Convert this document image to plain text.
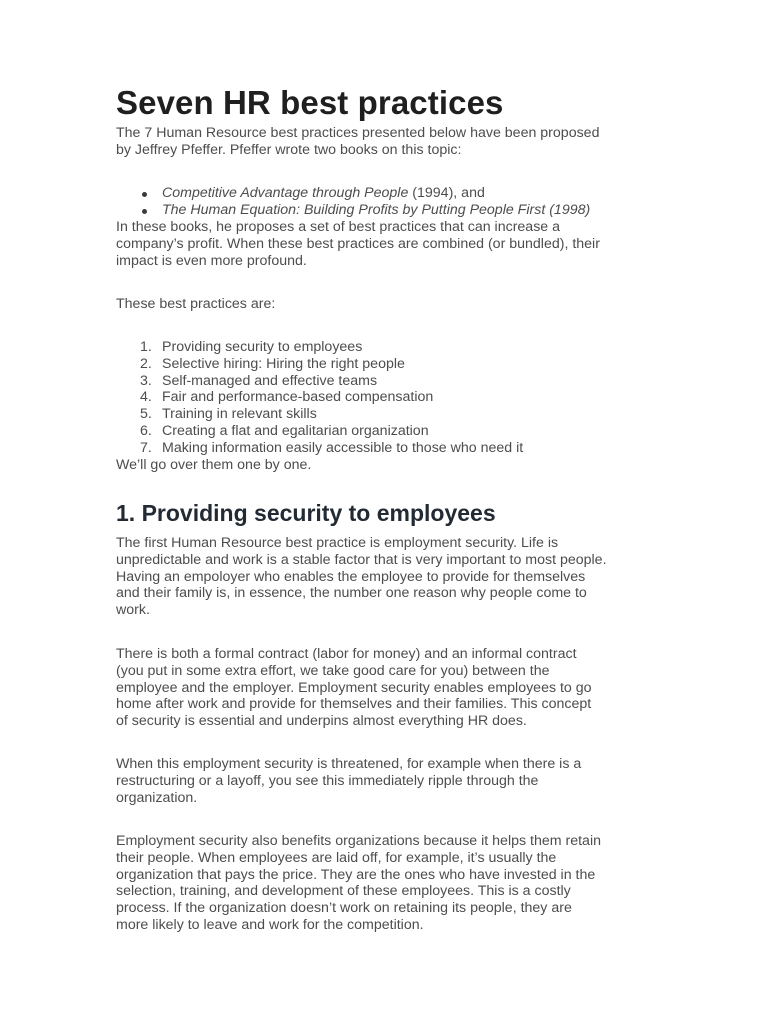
Seven HR best practices
The 7 Human Resource best practices presented below have been proposed
by Jeffrey Pfeffer. Pfeffer wrote two books on this topic:
Competitive Advantage through People (1994), and
The Human Equation: Building Profits by Putting People First (1998)
In these books, he proposes a set of best practices that can increase a
company’s profit. When these best practices are combined (or bundled), their
impact is even more profound.
These best practices are:
1. Providing security to employees
2. Selective hiring: Hiring the right people
3. Self-managed and effective teams
4. Fair and performance-based compensation
5. Training in relevant skills
6. Creating a flat and egalitarian organization
7. Making information easily accessible to those who need it
We’ll go over them one by one.
1. Providing security to employees
The first Human Resource best practice is employment security. Life is
unpredictable and work is a stable factor that is very important to most people.
Having an empoloyer who enables the employee to provide for themselves
and their family is, in essence, the number one reason why people come to
work.
There is both a formal contract (labor for money) and an informal contract
(you put in some extra effort, we take good care for you) between the
employee and the employer. Employment security enables employees to go
home after work and provide for themselves and their families. This concept
of security is essential and underpins almost everything HR does.
When this employment security is threatened, for example when there is a
restructuring or a layoff, you see this immediately ripple through the
organization.
Employment security also benefits organizations because it helps them retain
their people. When employees are laid off, for example, it’s usually the
organization that pays the price. They are the ones who have invested in the
selection, training, and development of these employees. This is a costly
process. If the organization doesn’t work on retaining its people, they are
more likely to leave and work for the competition.
